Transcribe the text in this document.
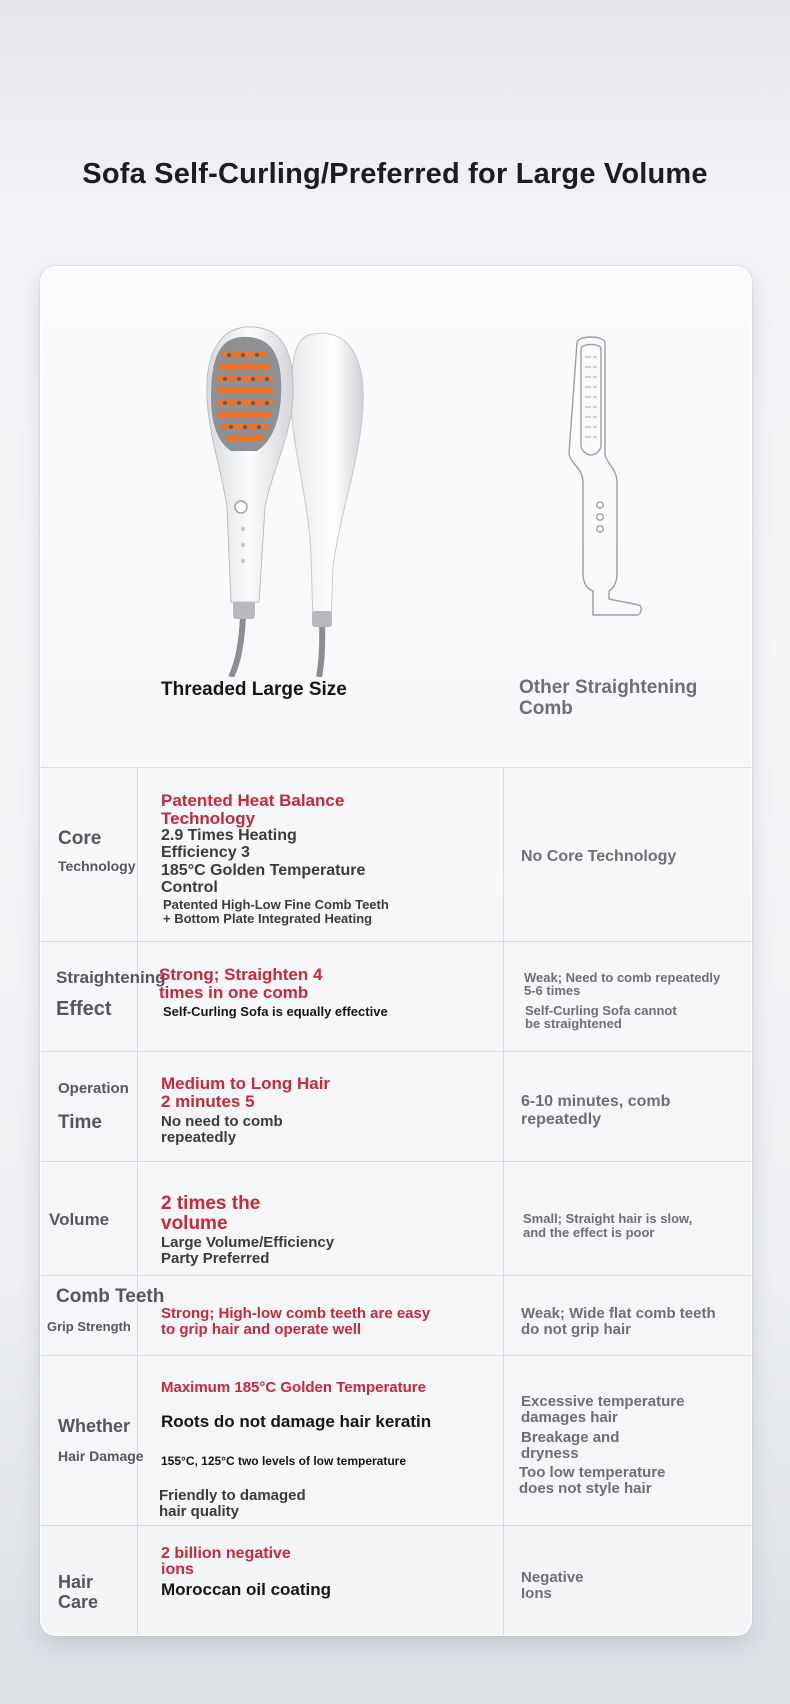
Sofa Self-Curling/Preferred for Large Volume
Threaded Large Size	Other Straightening
Comb

Core

Technology

Patented Heat Balance
Technology

2.9 Times Heating
Efficiency 3

185°C Golden Temperature
Control

Patented High-Low Fine Comb Teeth
+ Bottom Plate Integrated Heating

No Core Technology

Straightening

Effect

Strong; Straighten 4
times in one comb

Self-Curling Sofa is equally effective

Weak; Need to comb repeatedly
5-6 times

Self-Curling Sofa cannot
be straightened

Operation

Time

Medium to Long Hair
2 minutes 5

No need to comb
repeatedly

6-10 minutes, comb repeatedly

Volume

2 times the
volume

Large Volume/Efficiency
Party Preferred

Small; Straight hair is slow,
and the effect is poor

Comb Teeth

Grip Strength

Strong; High-low comb teeth are easy
to grip hair and operate well

Weak; Wide flat comb teeth
do not grip hair

Whether

Hair Damage

Maximum 185°C Golden Temperature

Roots do not damage hair keratin

155°C, 125°C two levels of low temperature

Friendly to damaged
hair quality

Excessive temperature
damages hair

Breakage and
dryness

Too low temperature
does not style hair

Hair
Care

2 billion negative
ions

Moroccan oil coating

Negative
Ions
